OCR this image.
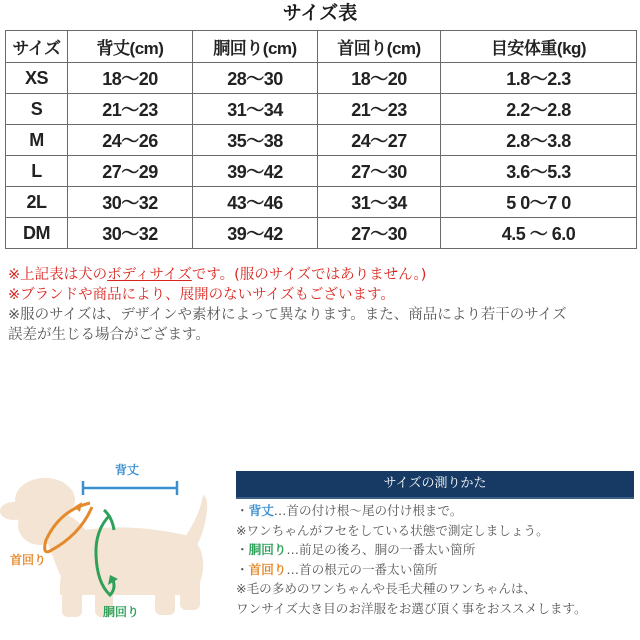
サイズ表
サイズ	背丈(cm)	胴回り(cm)	首回り(cm)	目安体重(kg)
XS	18〜20	28〜30	18〜20	1.8〜2.3
S	21〜23	31〜34	21〜23	2.2〜2.8
M	24〜26	35〜38	24〜27	2.8〜3.8
L	27〜29	39〜42	27〜30	3.6〜5.3
2L	30〜32	43〜46	31〜34	5 0〜7 0
DM	30〜32	39〜42	27〜30	4.5 〜 6.0
※上記表は犬のボディサイズです。(服のサイズではありません。)
※ブランドや商品により、展開のないサイズもございます。
※服のサイズは、デザインや素材によって異なります。また、商品により若干のサイズ
誤差が生じる場合がござます。
背丈
首回り
胴回り
サイズの測りかた
・背丈…首の付け根〜尾の付け根まで。
※ワンちゃんがフセをしている状態で測定しましょう。
・胴回り…前足の後ろ、胴の一番太い箇所
・首回り…首の根元の一番太い箇所
※毛の多めのワンちゃんや長毛犬種のワンちゃんは、
ワンサイズ大き目のお洋服をお選び頂く事をおススメします。
